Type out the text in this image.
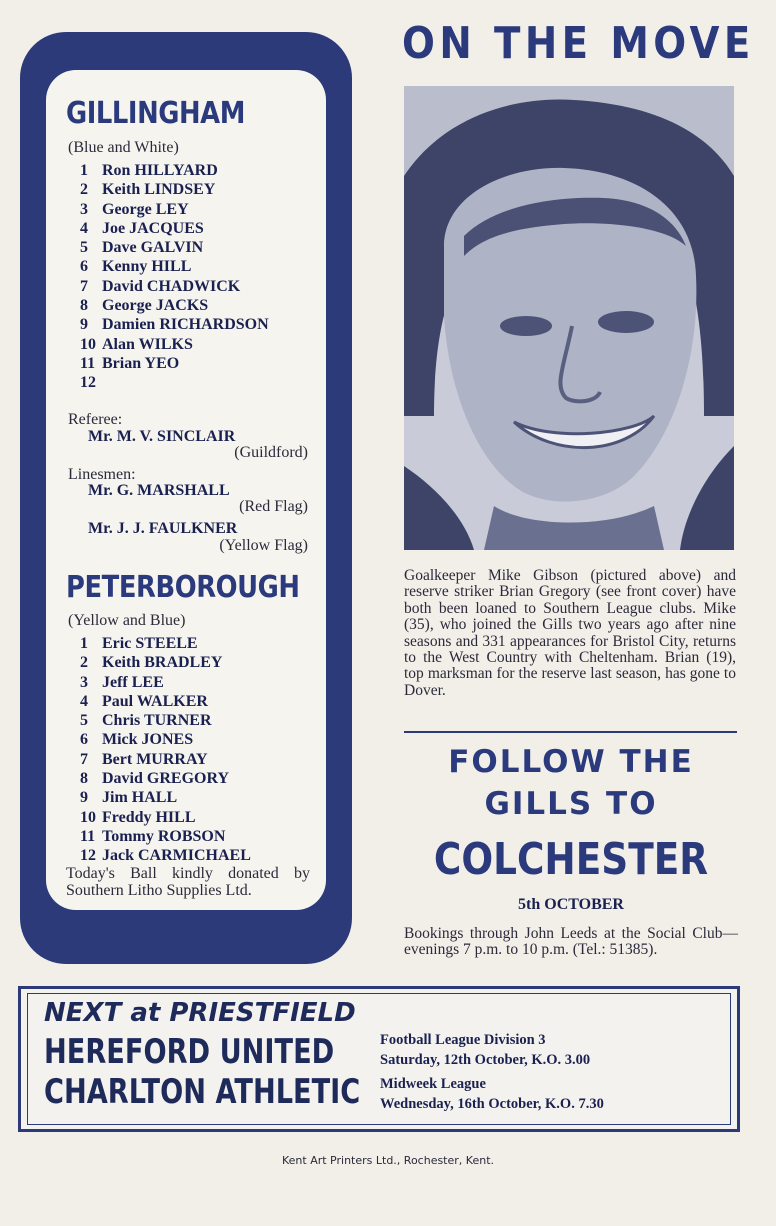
GILLINGHAM
(Blue and White)
1 Ron HILLYARD
2 Keith LINDSEY
3 George LEY
4 Joe JACQUES
5 Dave GALVIN
6 Kenny HILL
7 David CHADWICK
8 George JACKS
9 Damien RICHARDSON
10 Alan WILKS
11 Brian YEO
12
Referee:
Mr. M. V. SINCLAIR
(Guildford)
Linesmen:
Mr. G. MARSHALL
(Red Flag)
Mr. J. J. FAULKNER
(Yellow Flag)
PETERBOROUGH
(Yellow and Blue)
1 Eric STEELE
2 Keith BRADLEY
3 Jeff LEE
4 Paul WALKER
5 Chris TURNER
6 Mick JONES
7 Bert MURRAY
8 David GREGORY
9 Jim HALL
10 Freddy HILL
11 Tommy ROBSON
12 Jack CARMICHAEL
Today's Ball kindly donated by Southern Litho Supplies Ltd.
ON THE MOVE
Goalkeeper Mike Gibson (pictured above) and reserve striker Brian Gregory (see front cover) have both been loaned to Southern League clubs. Mike (35), who joined the Gills two years ago after nine seasons and 331 appearances for Bristol City, returns to the West Country with Cheltenham. Brian (19), top marksman for the reserve last season, has gone to Dover.
FOLLOW THE
GILLS TO
COLCHESTER
5th OCTOBER
Bookings through John Leeds at the Social Club—evenings 7 p.m. to 10 p.m. (Tel.: 51385).
NEXT at PRIESTFIELD
HEREFORD UNITED
CHARLTON ATHLETIC
Football League Division 3
Saturday, 12th October, K.O. 3.00
Midweek League
Wednesday, 16th October, K.O. 7.30
Kent Art Printers Ltd., Rochester, Kent.
